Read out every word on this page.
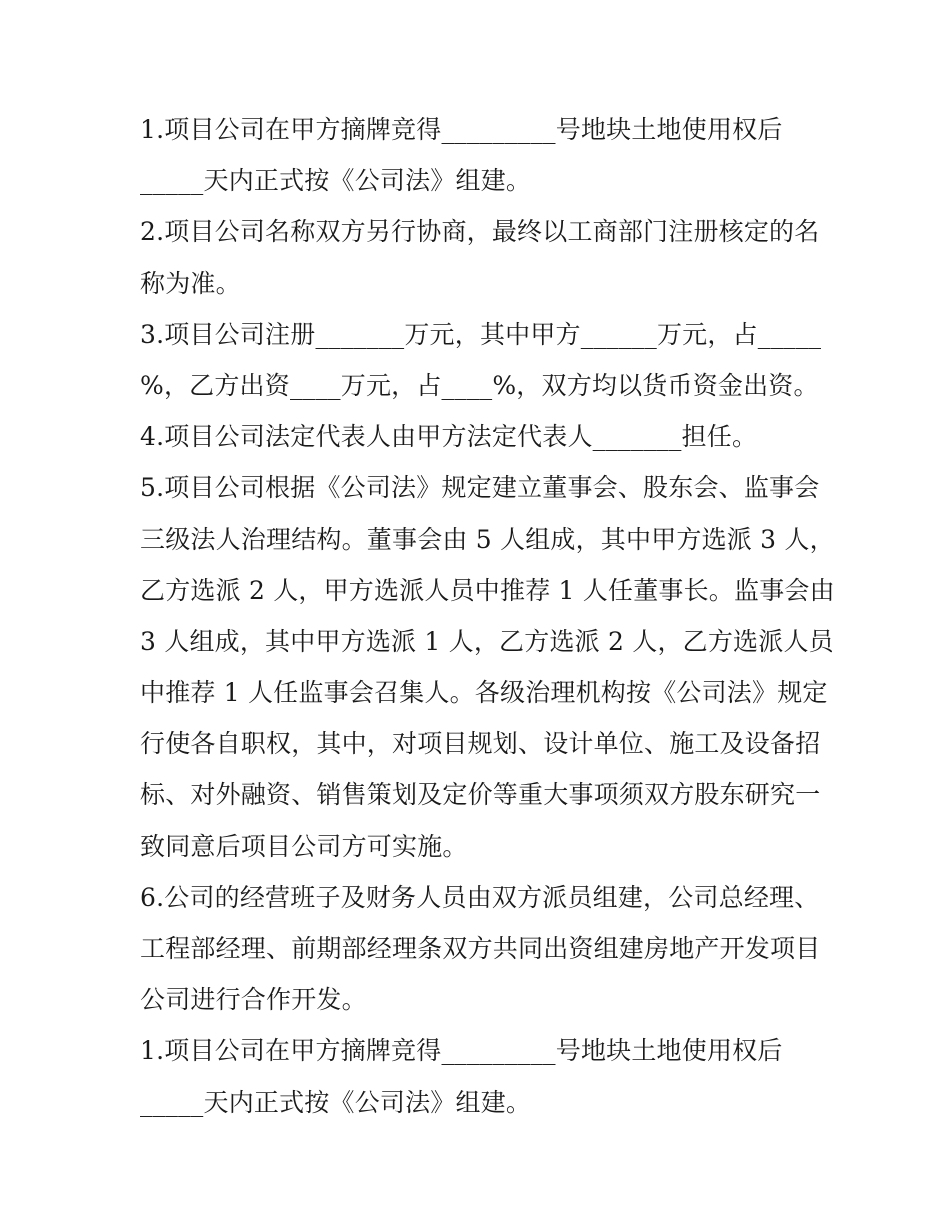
1.项目公司在甲方摘牌竞得_________号地块土地使用权后
_____天内正式按《公司法》组建。
2.项目公司名称双方另行协商，最终以工商部门注册核定的名
称为准。
3.项目公司注册_______万元，其中甲方______万元，占_____
%，乙方出资____万元，占____%，双方均以货币资金出资。
4.项目公司法定代表人由甲方法定代表人_______担任。
5.项目公司根据《公司法》规定建立董事会、股东会、监事会
三级法人治理结构。董事会由 5 人组成，其中甲方选派 3 人，
乙方选派 2 人，甲方选派人员中推荐 1 人任董事长。监事会由
3 人组成，其中甲方选派 1 人，乙方选派 2 人，乙方选派人员
中推荐 1 人任监事会召集人。各级治理机构按《公司法》规定
行使各自职权，其中，对项目规划、设计单位、施工及设备招
标、对外融资、销售策划及定价等重大事项须双方股东研究一
致同意后项目公司方可实施。
6.公司的经营班子及财务人员由双方派员组建，公司总经理、
工程部经理、前期部经理条双方共同出资组建房地产开发项目
公司进行合作开发。
1.项目公司在甲方摘牌竞得_________号地块土地使用权后
_____天内正式按《公司法》组建。
